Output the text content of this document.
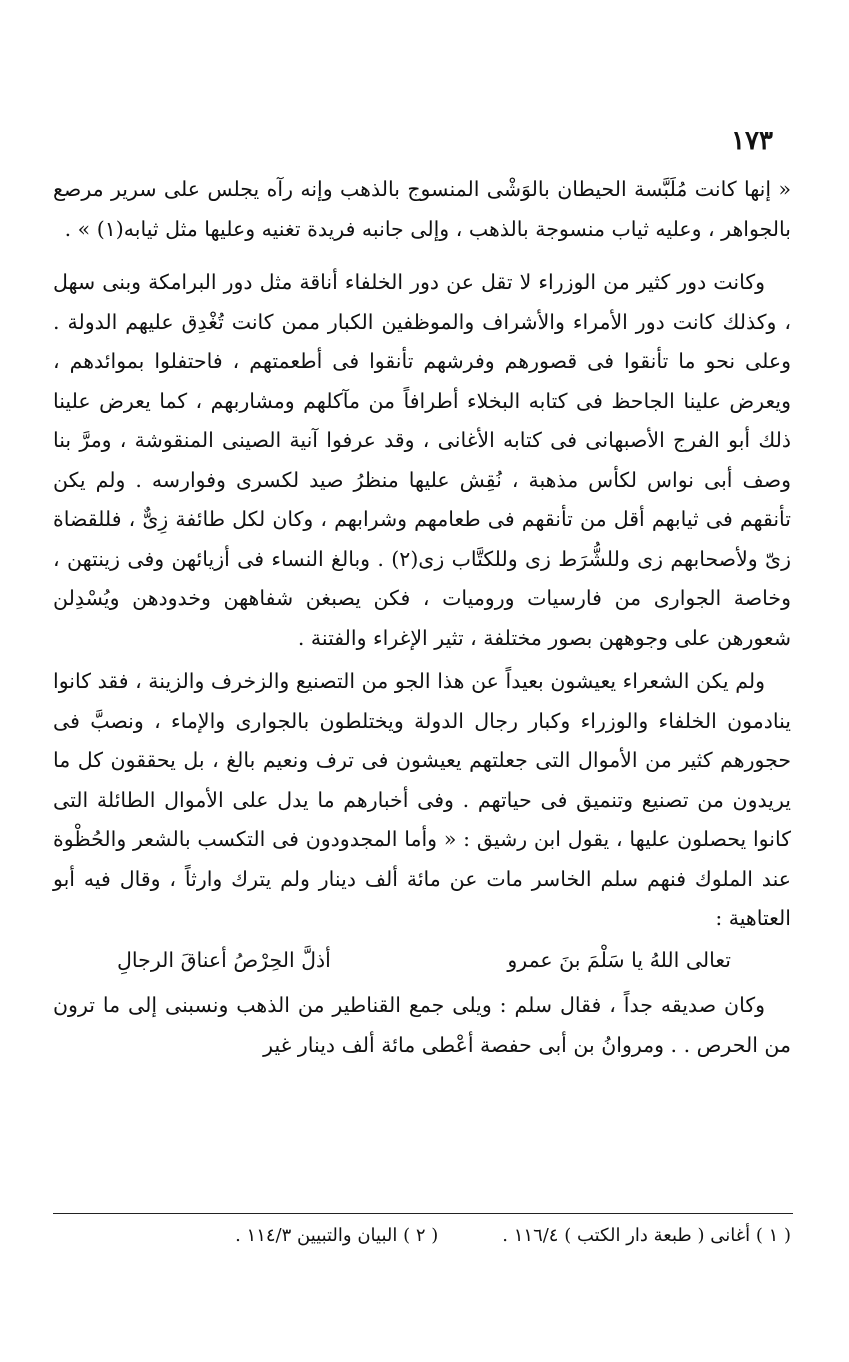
١٧٣

« إنها كانت مُلَبَّسة الحيطان بالوَشْى المنسوج بالذهب وإنه رآه يجلس على سرير مرصع بالجواهر ، وعليه ثياب منسوجة بالذهب ، وإلى جانبه فريدة تغنيه وعليها مثل ثيابه(١) » .

وكانت دور كثير من الوزراء لا تقل عن دور الخلفاء أناقة مثل دور البرامكة وبنى سهل ، وكذلك كانت دور الأمراء والأشراف والموظفين الكبار ممن كانت تُغْدِق عليهم الدولة . وعلى نحو ما تأنقوا فى قصورهم وفرشهم تأنقوا فى أطعمتهم ، فاحتفلوا بموائدهم ، ويعرض علينا الجاحظ فى كتابه البخلاء أطرافاً من مآكلهم ومشاربهم ، كما يعرض علينا ذلك أبو الفرج الأصبهانى فى كتابه الأغانى ، وقد عرفوا آنية الصينى المنقوشة ، ومرَّ بنا وصف أبى نواس لكأس مذهبة ، نُقِش عليها منظرُ صيد لكسرى وفوارسه . ولم يكن تأنقهم فى ثيابهم أقل من تأنقهم فى طعامهم وشرابهم ، وكان لكل طائفة زِىٌّ ، فللقضاة زىّ ولأصحابهم زى وللشُّرَط زى وللكتَّاب زى(٢) . وبالغ النساء فى أزيائهن وفى زينتهن ، وخاصة الجوارى من فارسيات وروميات ، فكن يصبغن شفاههن وخدودهن ويُسْدِلن شعورهن على وجوههن بصور مختلفة ، تثير الإغراء والفتنة .

ولم يكن الشعراء يعيشون بعيداً عن هذا الجو من التصنيع والزخرف والزينة ، فقد كانوا ينادمون الخلفاء والوزراء وكبار رجال الدولة ويختلطون بالجوارى والإماء ، ونصبَّ فى حجورهم كثير من الأموال التى جعلتهم يعيشون فى ترف ونعيم بالغ ، بل يحققون كل ما يريدون من تصنيع وتنميق فى حياتهم . وفى أخبارهم ما يدل على الأموال الطائلة التى كانوا يحصلون عليها ، يقول ابن رشيق : « وأما المجدودون فى التكسب بالشعر والحُظْوة عند الملوك فنهم سلم الخاسر مات عن مائة ألف دينار ولم يترك وارثاً ، وقال فيه أبو العتاهية :

تعالى اللهُ يا سَلْمَ بنَ عمرو
أذلَّ الحِرْصُ أعناقَ الرجالِ

وكان صديقه جداً ، فقال سلم : ويلى جمع القناطير من الذهب ونسبنى إلى ما ترون من الحرص . . ومروانُ بن أبى حفصة أعْطى مائة ألف دينار غير

( ١ ) أغانى ( طبعة دار الكتب ) ١١٦/٤ .
( ٢ ) البيان والتبيين ١١٤/٣ .
